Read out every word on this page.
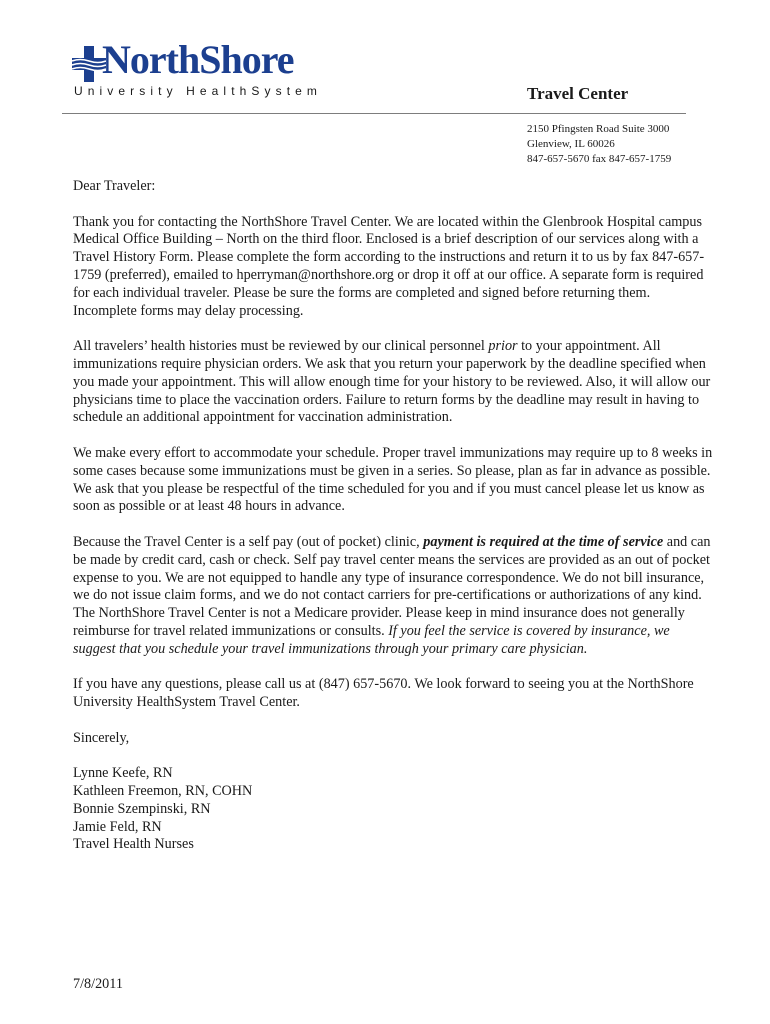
NorthShore
University HealthSystem	Travel Center
2150 Pfingsten Road Suite 3000
Glenview, IL 60026
847-657-5670 fax 847-657-1759

Dear Traveler:

Thank you for contacting the NorthShore Travel Center. We are located within the Glenbrook Hospital campus Medical Office Building – North on the third floor. Enclosed is a brief description of our services along with a Travel History Form. Please complete the form according to the instructions and return it to us by fax 847-657-1759 (preferred), emailed to hperryman@northshore.org or drop it off at our office. A separate form is required for each individual traveler. Please be sure the forms are completed and signed before returning them. Incomplete forms may delay processing.

All travelers’ health histories must be reviewed by our clinical personnel prior to your appointment. All immunizations require physician orders. We ask that you return your paperwork by the deadline specified when you made your appointment. This will allow enough time for your history to be reviewed. Also, it will allow our physicians time to place the vaccination orders. Failure to return forms by the deadline may result in having to schedule an additional appointment for vaccination administration.

We make every effort to accommodate your schedule. Proper travel immunizations may require up to 8 weeks in some cases because some immunizations must be given in a series. So please, plan as far in advance as possible. We ask that you please be respectful of the time scheduled for you and if you must cancel please let us know as soon as possible or at least 48 hours in advance.

Because the Travel Center is a self pay (out of pocket) clinic, payment is required at the time of service and can be made by credit card, cash or check. Self pay travel center means the services are provided as an out of pocket expense to you. We are not equipped to handle any type of insurance correspondence. We do not bill insurance, we do not issue claim forms, and we do not contact carriers for pre-certifications or authorizations of any kind. The NorthShore Travel Center is not a Medicare provider. Please keep in mind insurance does not generally reimburse for travel related immunizations or consults. If you feel the service is covered by insurance, we suggest that you schedule your travel immunizations through your primary care physician.

If you have any questions, please call us at (847) 657-5670. We look forward to seeing you at the NorthShore University HealthSystem Travel Center.

Sincerely,

Lynne Keefe, RN
Kathleen Freemon, RN, COHN
Bonnie Szempinski, RN
Jamie Feld, RN
Travel Health Nurses
7/8/2011
